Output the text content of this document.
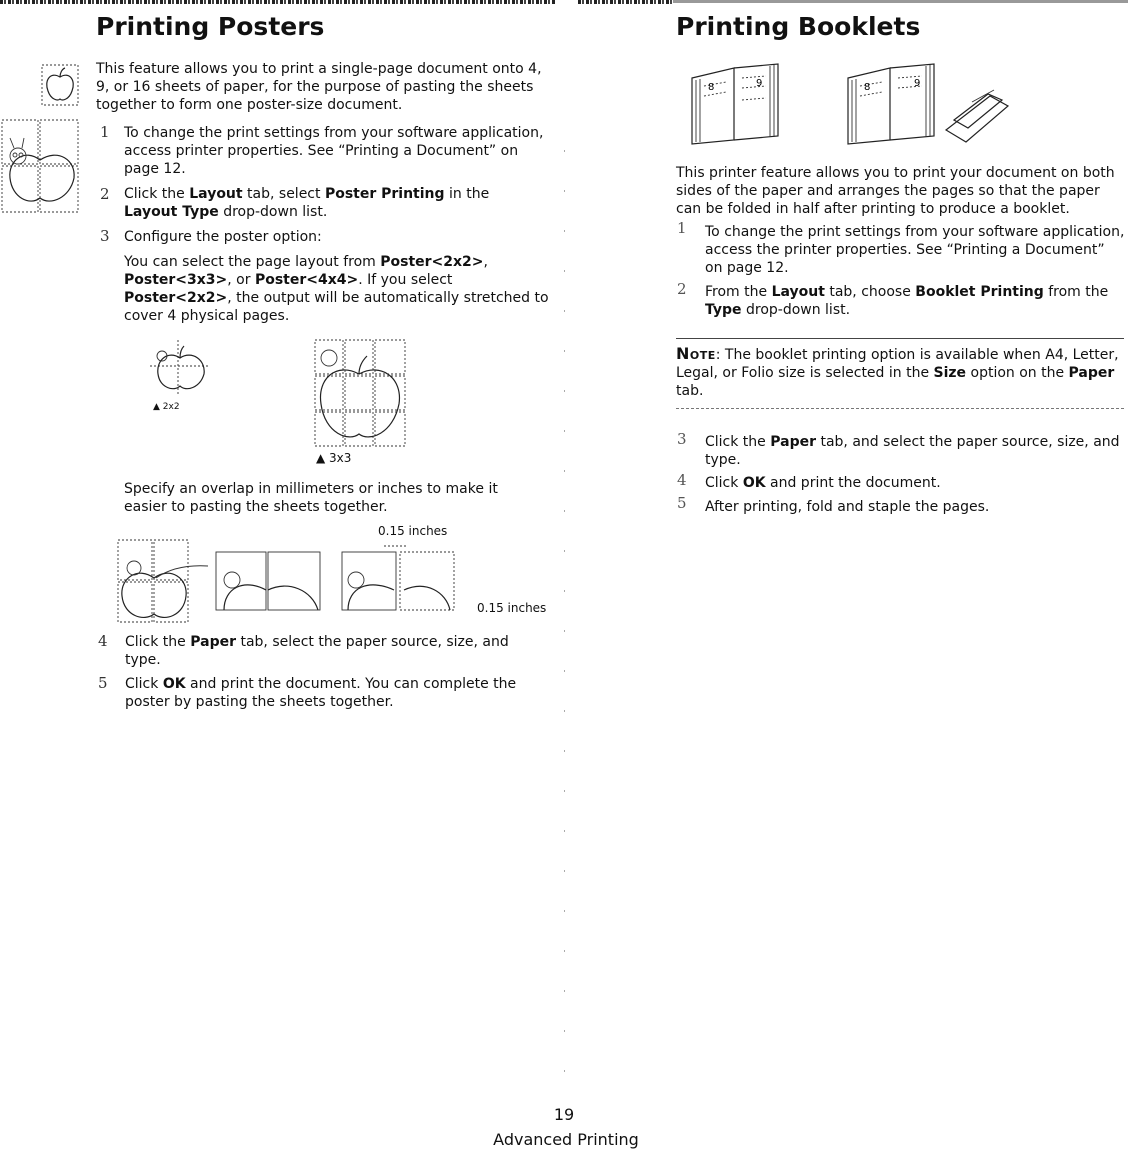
Printing Posters
This feature allows you to print a single-page document onto 4, 9, or 16 sheets of paper, for the purpose of pasting the sheets together to form one poster-size document.
1 To change the print settings from your software application, access printer properties. See “Printing a Document” on page 12.
2 Click the Layout tab, select Poster Printing in the Layout Type drop-down list.
3 Configure the poster option:
You can select the page layout from Poster<2x2>, Poster<3x3>, or Poster<4x4>. If you select Poster<2x2>, the output will be automatically stretched to cover 4 physical pages.
▲ 2x2
▲ 3x3
Specify an overlap in millimeters or inches to make it easier to pasting the sheets together.
0.15 inches
0.15 inches
4 Click the Paper tab, select the paper source, size, and type.
5 Click OK and print the document. You can complete the poster by pasting the sheets together.
Printing Booklets
8	9	8	9
This printer feature allows you to print your document on both sides of the paper and arranges the pages so that the paper can be folded in half after printing to produce a booklet.
1 To change the print settings from your software application, access the printer properties. See “Printing a Document” on page 12.
2 From the Layout tab, choose Booklet Printing from the Type drop-down list.
Note: The booklet printing option is available when A4, Letter, Legal, or Folio size is selected in the Size option on the Paper tab.
3 Click the Paper tab, and select the paper source, size, and type.
4 Click OK and print the document.
5 After printing, fold and staple the pages.
19
Advanced Printing
